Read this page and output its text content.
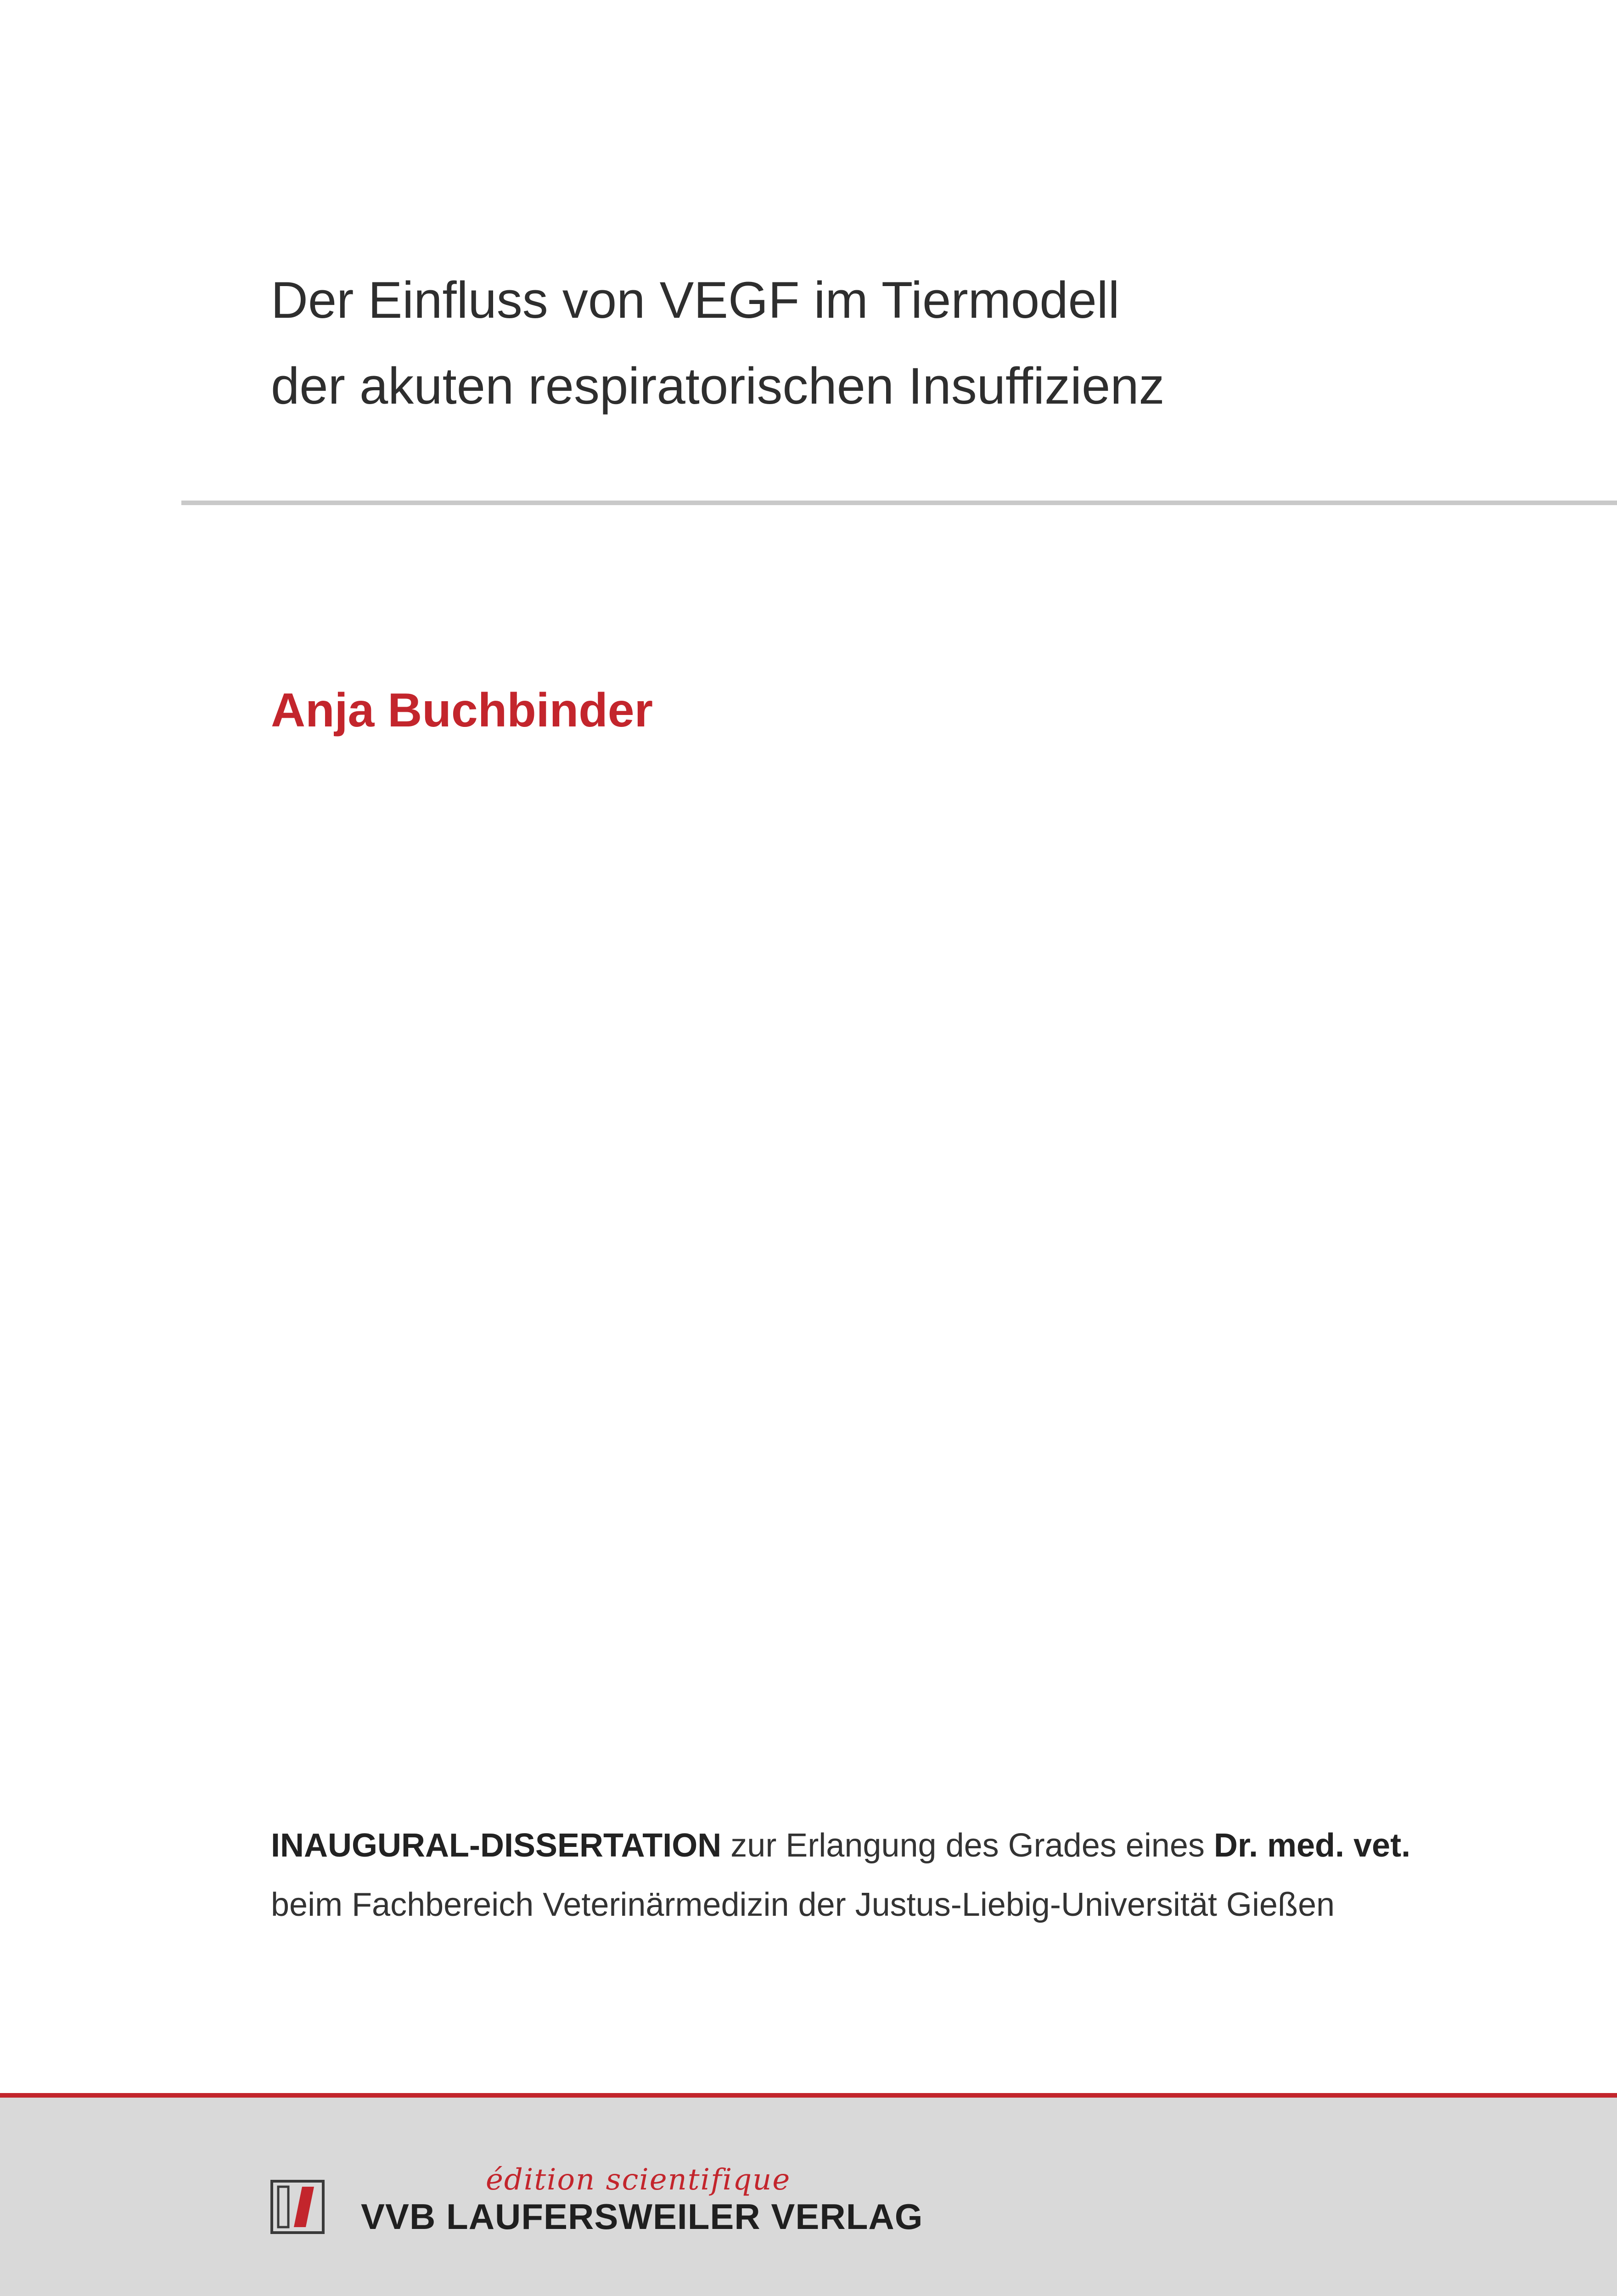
Der Einfluss von VEGF im Tiermodell
der akuten respiratorischen Insuffizienz
Anja Buchbinder
INAUGURAL-DISSERTATION zur Erlangung des Grades eines Dr. med. vet.
beim Fachbereich Veterinärmedizin der Justus-Liebig-Universität Gießen
édition scientifique
VVB LAUFERSWEILER VERLAG
